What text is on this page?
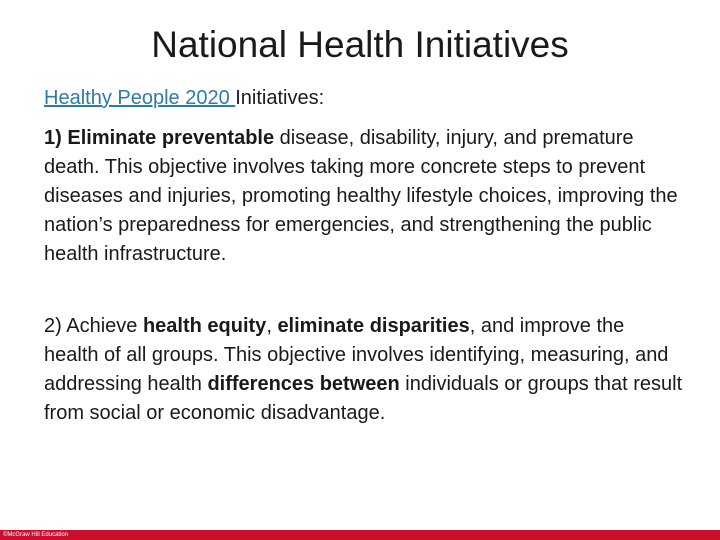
National Health Initiatives
Healthy People 2020 Initiatives:
1) Eliminate preventable disease, disability, injury, and premature death. This objective involves taking more concrete steps to prevent diseases and injuries, promoting healthy lifestyle choices, improving the nation’s preparedness for emergencies, and strengthening the public health infrastructure.
2) Achieve health equity, eliminate disparities, and improve the health of all groups. This objective involves identifying, measuring, and addressing health differences between individuals or groups that result from social or economic disadvantage.
©McGraw Hill Education
